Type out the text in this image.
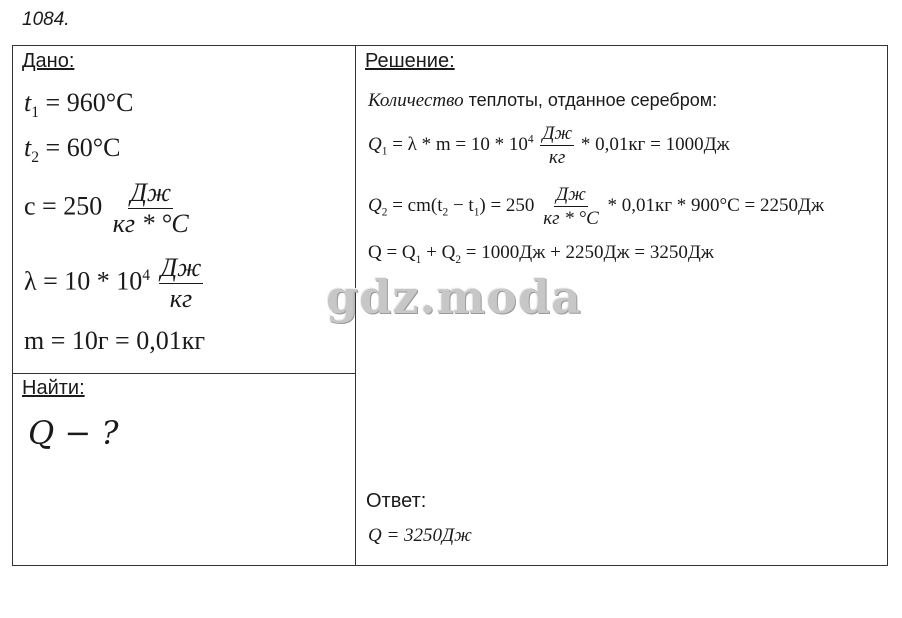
1084.
Дано:
$t_1 = 960^\circ C$
$t_2 = 60^\circ C$
$c = 250 \frac{Дж}{кг * ^\circ C}$
$\lambda = 10 * 10^4 \frac{Дж}{кг}$
m = 10г = 0,01кг
Найти:
Q − ?
Решение:
Количество теплоты, отданное серебром:
$Q_1 = \lambda * m = 10 * 10^4 \frac{Дж}{кг} * 0,01кг = 1000Дж$
$Q_2 = cm(t_2 - t_1) = 250 \frac{Дж}{кг * ^\circ C} * 0,01кг * 900^\circ C = 2250Дж$
$Q = Q_1 + Q_2 = 1000Дж + 2250Дж = 3250Дж$
gdz.moda
Ответ:
Q = 3250Дж
